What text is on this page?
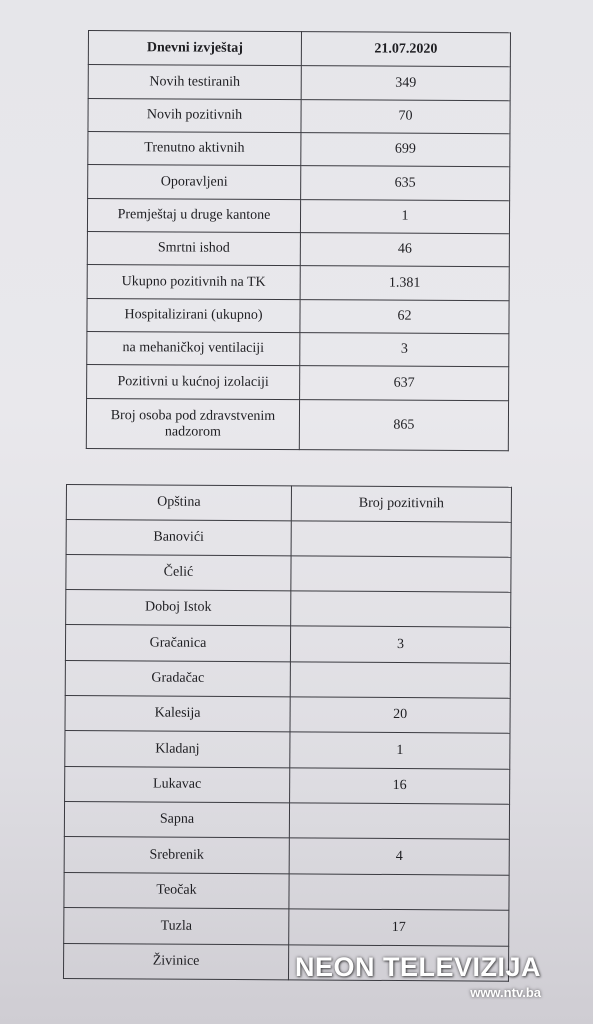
Dnevni izvještaj	21.07.2020
Novih testiranih	349
Novih pozitivnih	70
Trenutno aktivnih	699
Oporavljeni	635
Premještaj u druge kantone	1
Smrtni ishod	46
Ukupno pozitivnih na TK	1.381
Hospitalizirani (ukupno)	62
na mehaničkoj ventilaciji	3
Pozitivni u kućnoj izolaciji	637
Broj osoba pod zdravstvenim nadzorom	865
Opština	Broj pozitivnih
Banovići	
Čelić	
Doboj Istok	
Gračanica	3
Gradačac	
Kalesija	20
Kladanj	1
Lukavac	16
Sapna	
Srebrenik	4
Teočak	
Tuzla	17
Živinice		NEON TELEVIZIJA
www.ntv.ba
